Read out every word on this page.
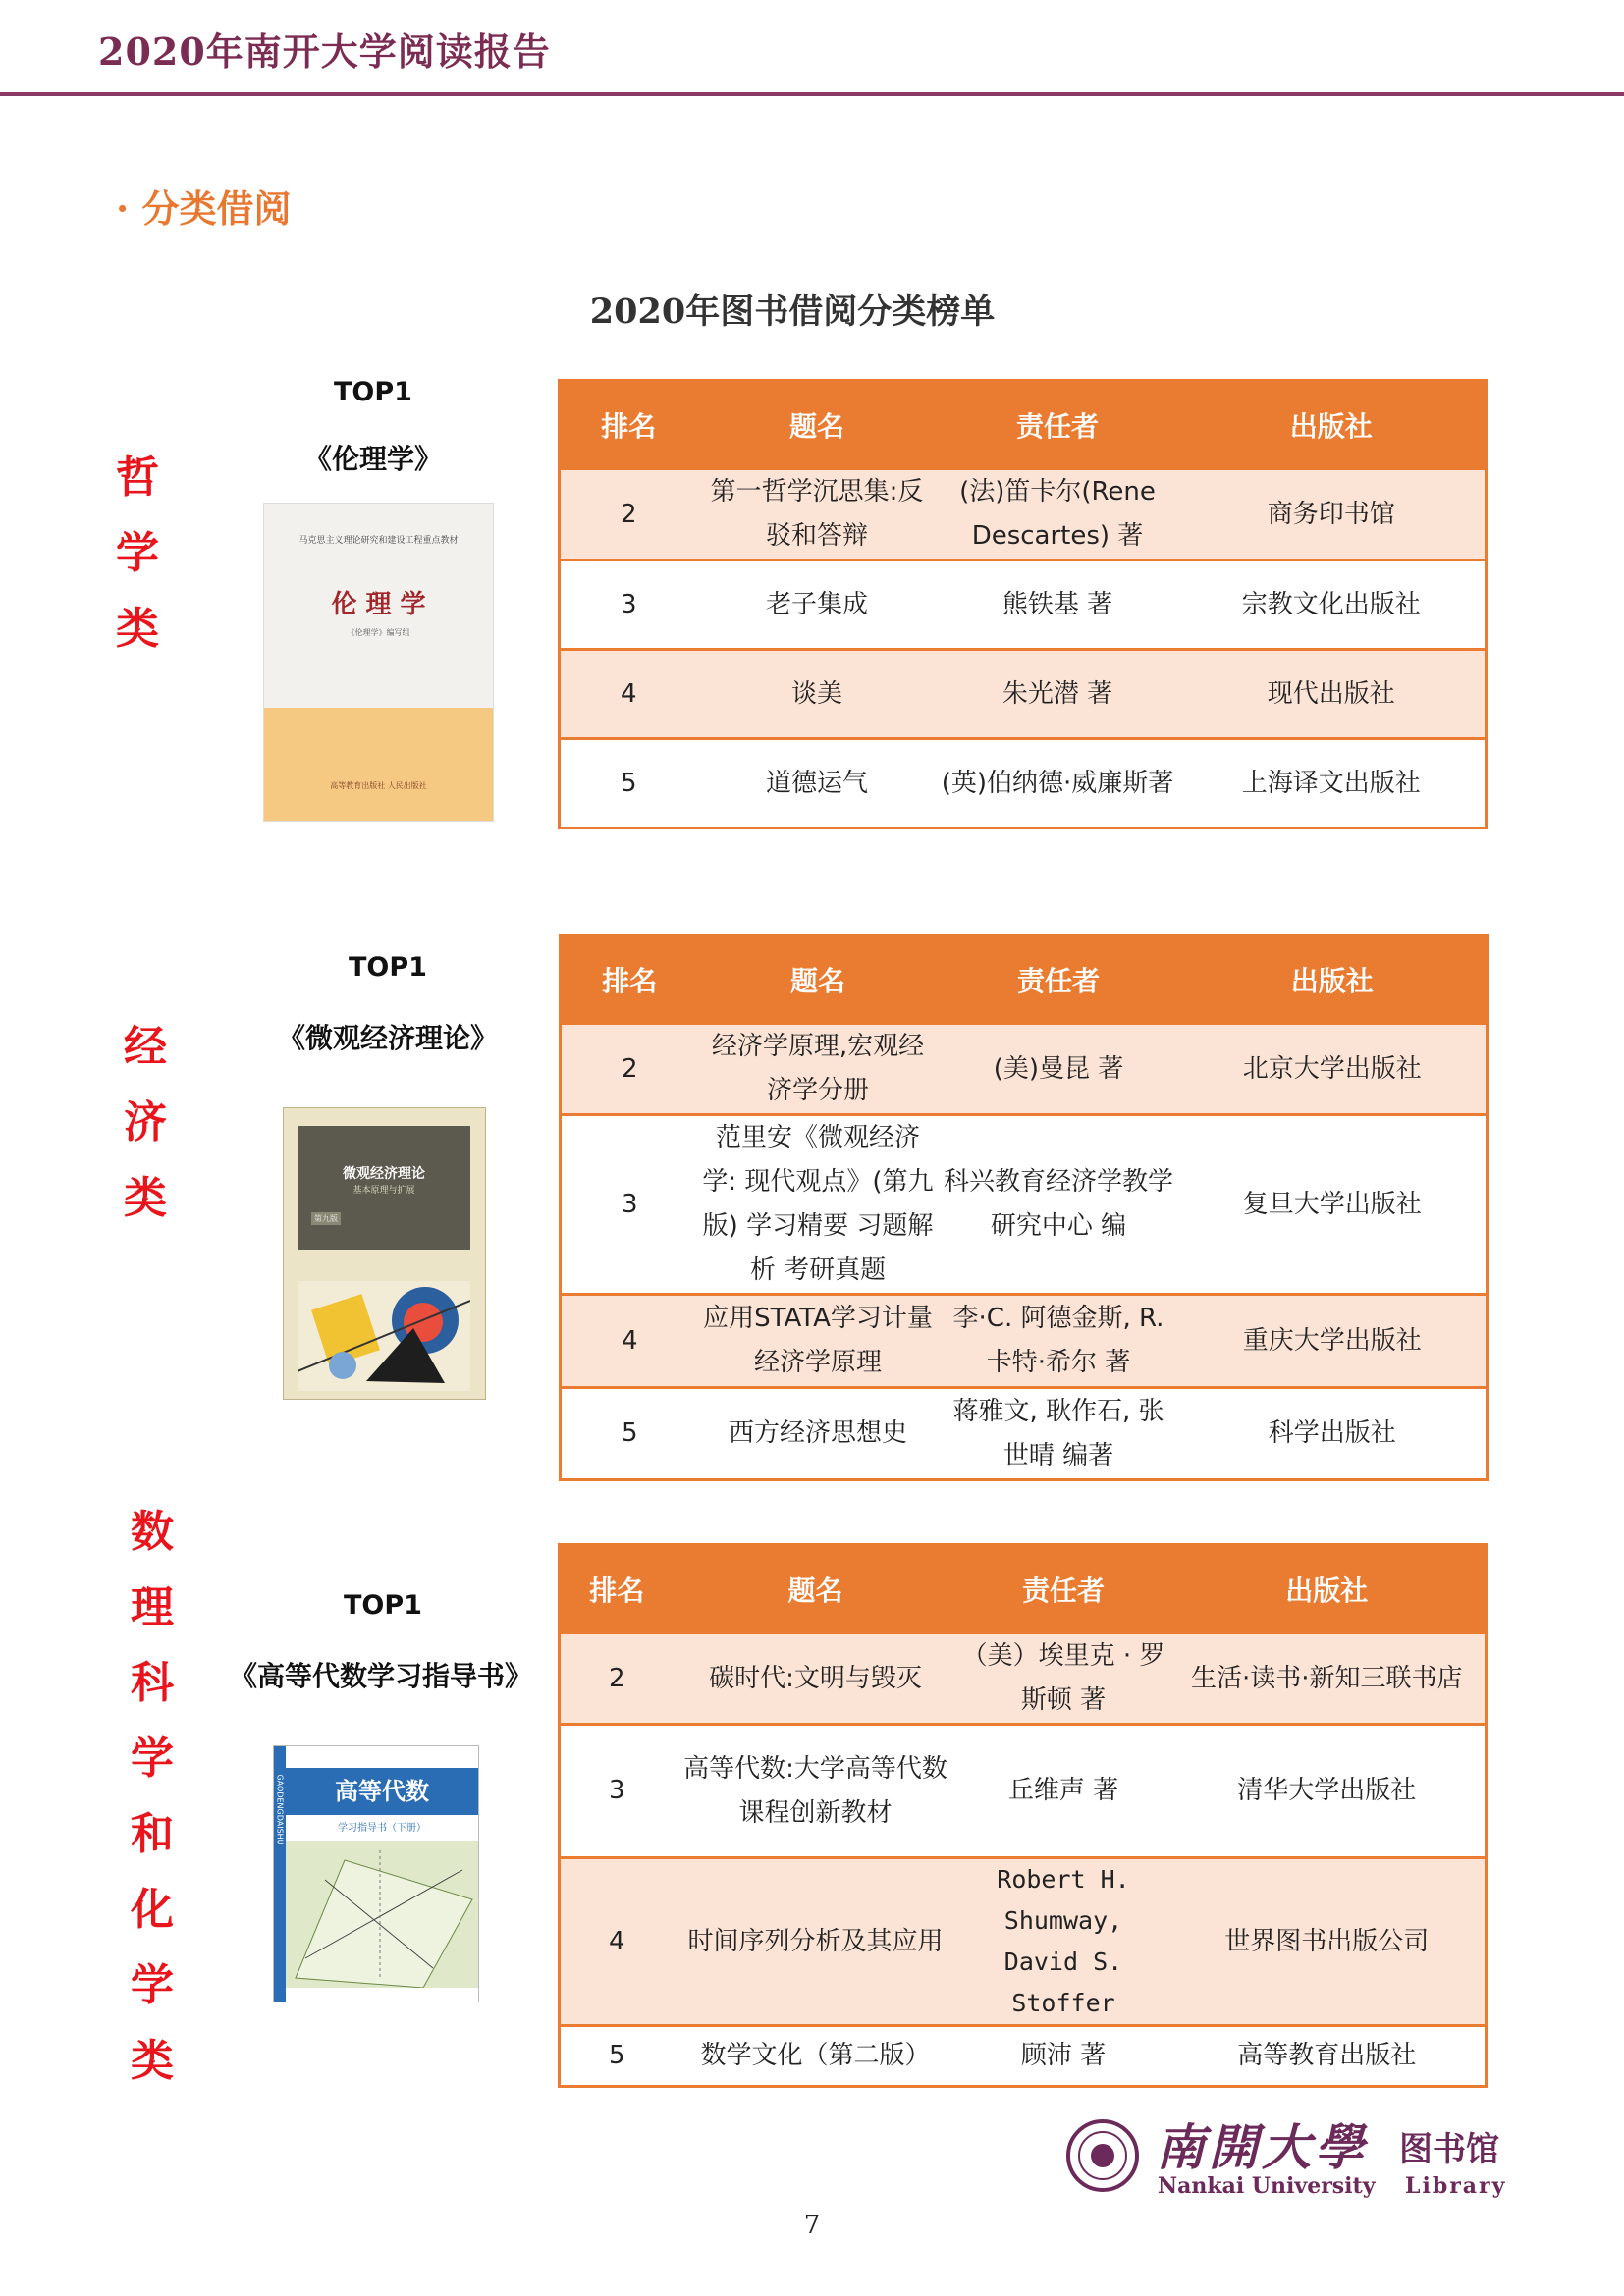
2020年南开大学阅读报告
· 分类借阅
2020年图书借阅分类榜单
哲
学
类
TOP1
《伦理学》
马克思主义理论研究和建设工程重点教材
伦 理 学
《伦理学》编写组
高等教育出版社 人民出版社
排名	题名	责任者	出版社
2	第一哲学沉思集:反驳和答辩	(法)笛卡尔(Rene Descartes) 著	商务印书馆
3	老子集成	熊铁基 著	宗教文化出版社
4	谈美	朱光潜 著	现代出版社
5	道德运气	(英)伯纳德·威廉斯著	上海译文出版社
经
济
类
TOP1
《微观经济理论》
微观经济理论
基本原理与扩展
第九版
排名	题名	责任者	出版社
2	经济学原理,宏观经济学分册	(美)曼昆 著	北京大学出版社
3	范里安《微观经济学: 现代观点》(第九版) 学习精要 习题解析 考研真题	科兴教育经济学教学研究中心 编	复旦大学出版社
4	应用STATA学习计量经济学原理	李·C. 阿德金斯, R. 卡特·希尔 著	重庆大学出版社
5	西方经济思想史	蒋雅文, 耿作石, 张世晴 编著	科学出版社
数
理
科
学
和
化
学
类
TOP1
《高等代数学习指导书》
GAODENGDAISHU	高等代数
学习指导书（下册）
排名	题名	责任者	出版社
2	碳时代:文明与毁灭	（美）埃里克 · 罗斯顿 著	生活·读书·新知三联书店
3	高等代数:大学高等代数课程创新教材	丘维声 著	清华大学出版社
4	时间序列分析及其应用	Robert H. Shumway, David S. Stoffer	世界图书出版公司
5	数学文化（第二版）	顾沛 著	高等教育出版社
南開大學
Nankai University
图书馆
Library
7
